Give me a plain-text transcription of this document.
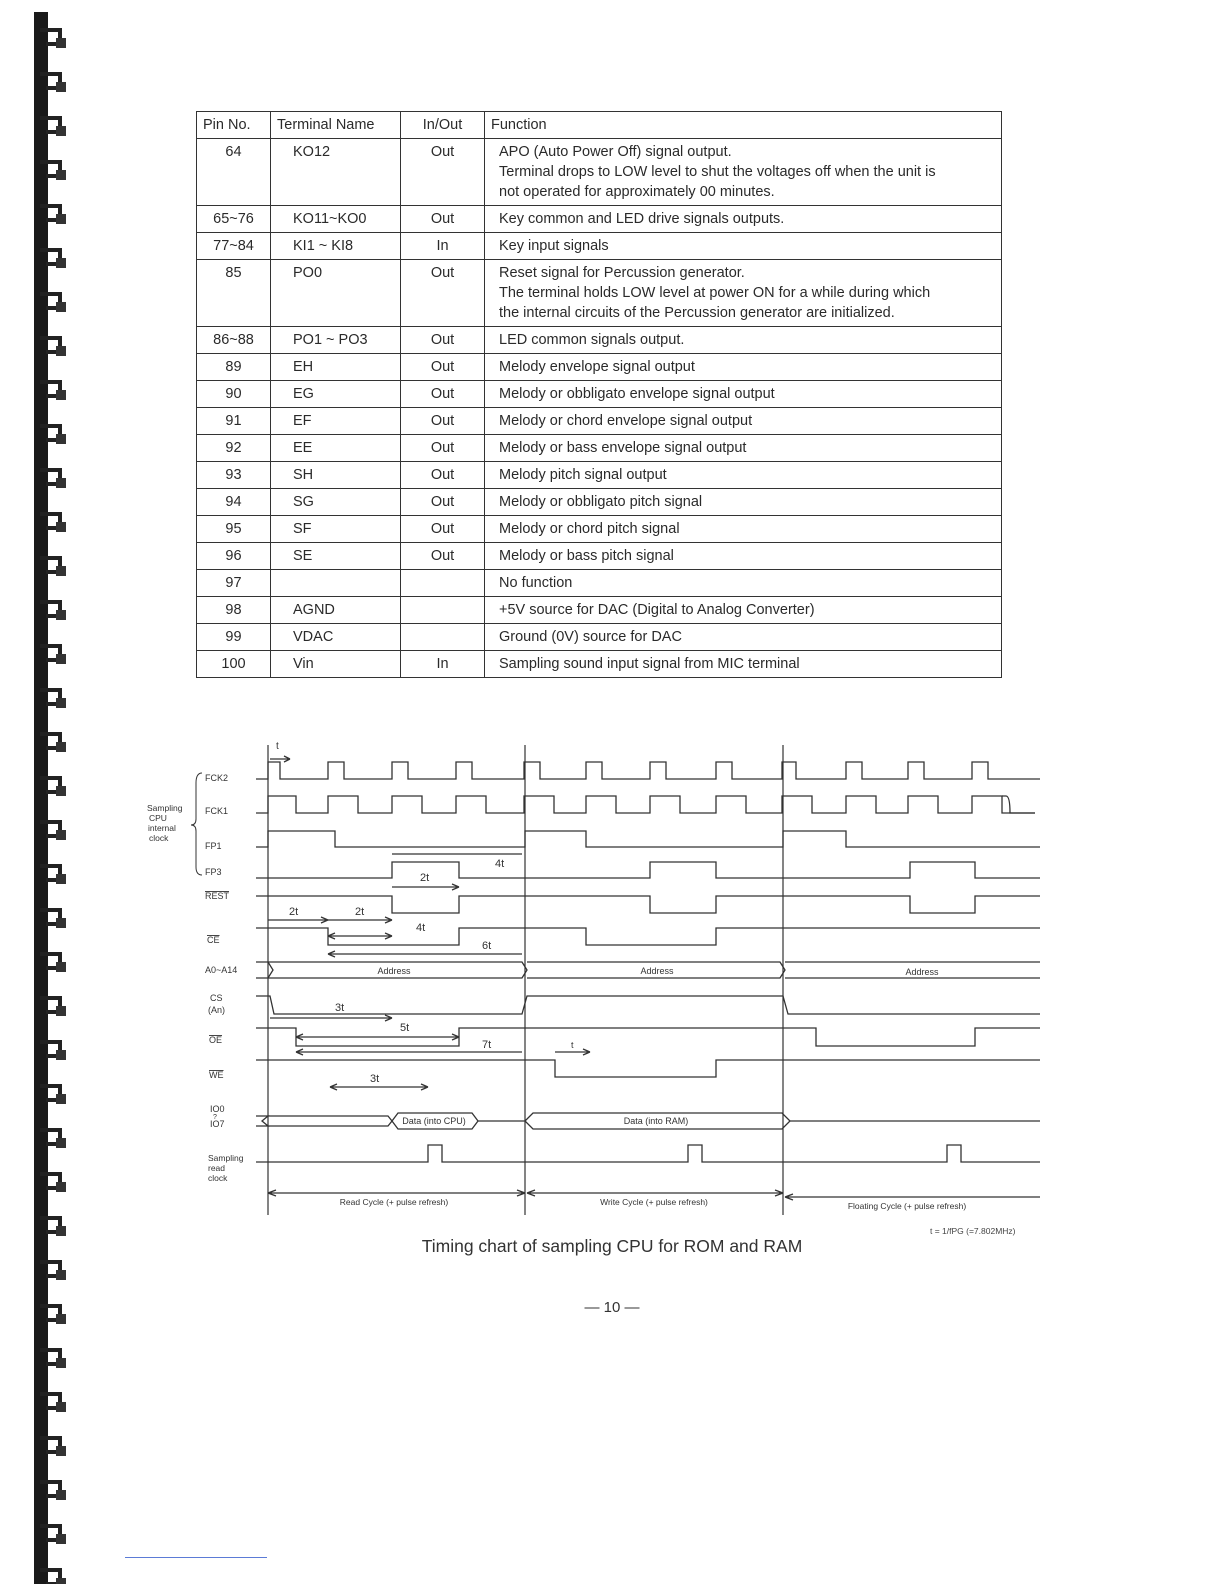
Pin No.	Terminal Name	In/Out	Function
64	KO12	Out	APO (Auto Power Off) signal output.
Terminal drops to LOW level to shut the voltages off when the unit is
not operated for approximately 00 minutes.

65~76	KO11~KO0	Out	Key common and LED drive signals outputs.

77~84	KI1 ~ KI8	In	Key input signals

85	PO0	Out	Reset signal for Percussion generator.
The terminal holds LOW level at power ON for a while during which
the internal circuits of the Percussion generator are initialized.

86~88	PO1 ~ PO3	Out	LED common signals output.

89	EH	Out	Melody envelope signal output

90	EG	Out	Melody or obbligato envelope signal output

91	EF	Out	Melody or chord envelope signal output

92	EE	Out	Melody or bass envelope signal output

93	SH	Out	Melody pitch signal output

94	SG	Out	Melody or obbligato pitch signal

95	SF	Out	Melody or chord pitch signal

96	SE	Out	Melody or bass pitch signal

97			No function

98	AGND		+5V source for DAC (Digital to Analog Converter)

99	VDAC		Ground (0V) source for DAC

100	Vin	In	Sampling sound input signal from MIC terminal
FCK2
FCK1
FP1
FP3
REST
CE
A0~A14
CS
(An)
OE
WE
IO0
?
IO7
Sampling
read
clock
Sampling
CPU
internal
clock
Address	Address	Address
Data (into CPU)	Data (into RAM)
t
4t
2t
2t	2t
4t
6t
3t
5t
7t	t
3t
Read Cycle (+ pulse refresh)	Write Cycle (+ pulse refresh)	Floating Cycle (+ pulse refresh)
t = 1/fPG (=7.802MHz)
Timing chart of sampling CPU for ROM and RAM
— 10 —
